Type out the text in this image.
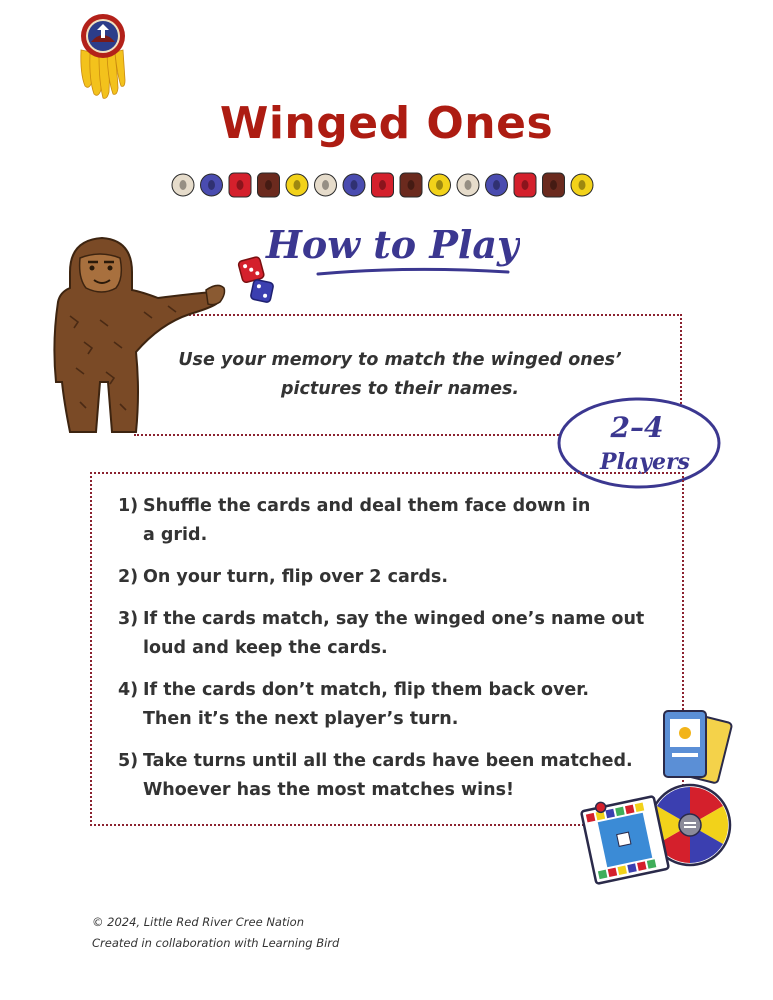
Winged Ones
How to Play
Use your memory to match the winged ones’
pictures to their names.
2–4
Players
1) Shuffle the cards and deal them face down in
a grid.
2) On your turn, flip over 2 cards.
3) If the cards match, say the winged one’s name out
loud and keep the cards.
4) If the cards don’t match, flip them back over.
Then it’s the next player’s turn.
5) Take turns until all the cards have been matched.
Whoever has the most matches wins!
© 2024, Little Red River Cree Nation
Created in collaboration with Learning Bird
